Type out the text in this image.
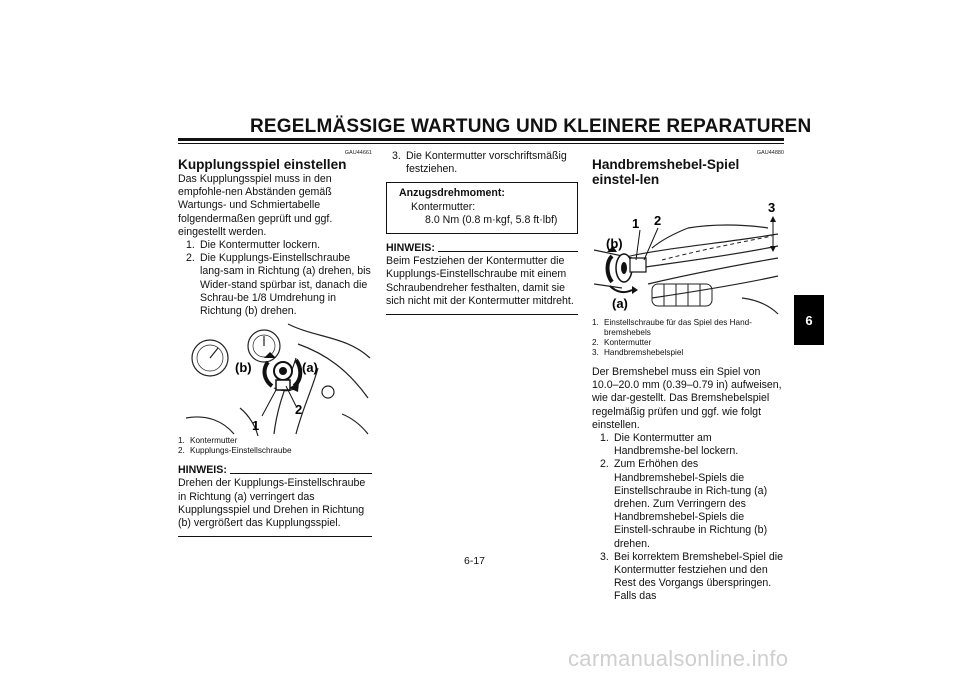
REGELMÄSSIGE WARTUNG UND KLEINERE REPARATUREN
GAU44661
Kupplungsspiel einstellen

Das Kupplungsspiel muss in den empfohle-nen Abständen gemäß Wartungs- und Schmiertabelle folgendermaßen geprüft und ggf. eingestellt werden.

1. Die Kontermutter lockern.
2. Die Kupplungs-Einstellschraube lang-sam in Richtung (a) drehen, bis Wider-stand spürbar ist, danach die Schrau-be 1/8 Umdrehung in Richtung (b) drehen.
(b)	(a)
2
1
1. Kontermutter
2. Kupplungs-Einstellschraube
HINWEIS:

Drehen der Kupplungs-Einstellschraube in Richtung (a) verringert das Kupplungsspiel und Drehen in Richtung (b) vergrößert das Kupplungsspiel.

3. Die Kontermutter vorschriftsmäßig festziehen.
Anzugsdrehmoment:
Kontermutter:
8.0 Nm (0.8 m·kgf, 5.8 ft·lbf)
HINWEIS:

Beim Festziehen der Kontermutter die Kupplungs-Einstellschraube mit einem Schraubendreher festhalten, damit sie sich nicht mit der Kontermutter mitdreht.

GAU44880
Handbremshebel-Spiel einstel-len
1 2
3
(b)
(a)
1. Einstellschraube für das Spiel des Hand-bremshebels
2. Kontermutter
3. Handbremshebelspiel

Der Bremshebel muss ein Spiel von 10.0–20.0 mm (0.39–0.79 in) aufweisen, wie dar-gestellt. Das Bremshebelspiel regelmäßig prüfen und ggf. wie folgt einstellen.

1. Die Kontermutter am Handbremshe-bel lockern.
2. Zum Erhöhen des Handbremshebel-Spiels die Einstellschraube in Rich-tung (a) drehen. Zum Verringern des Handbremshebel-Spiels die Einstell-schraube in Richtung (b) drehen.
3. Bei korrektem Bremshebel-Spiel die Kontermutter festziehen und den Rest des Vorgangs überspringen. Falls das
6-17
6
carmanualsonline.info
